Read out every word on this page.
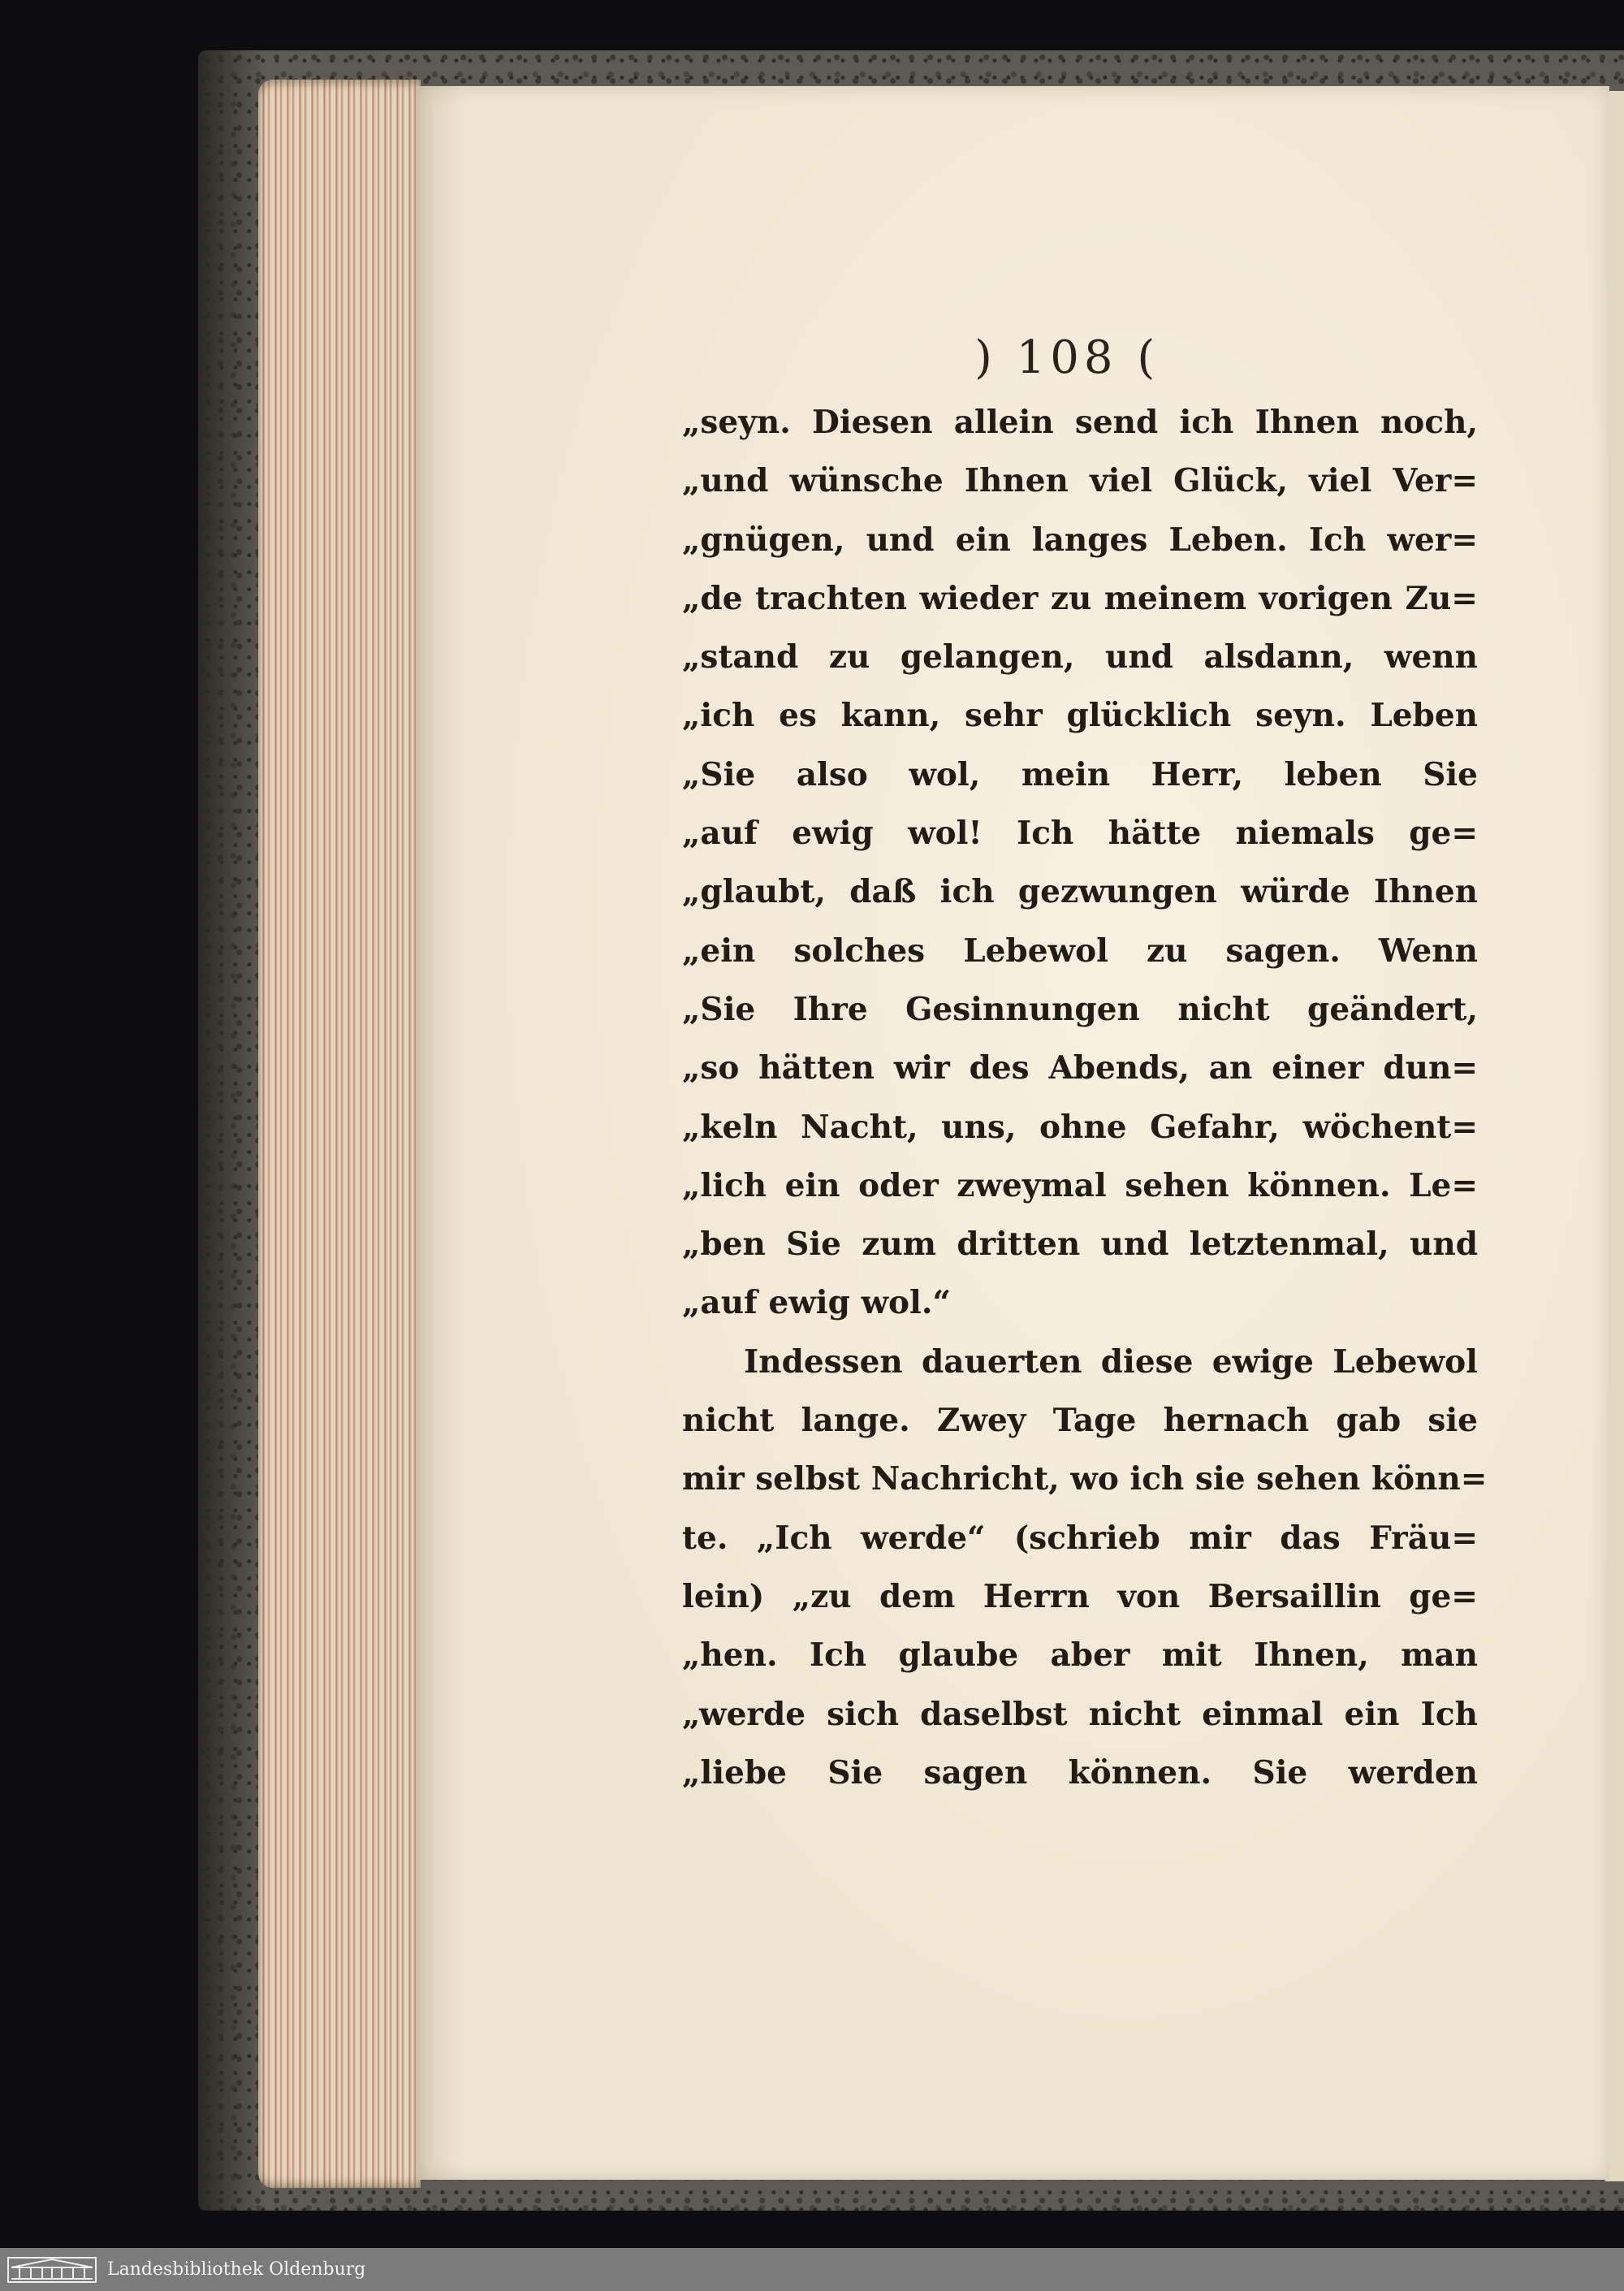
) 108 (
„seyn. Diesen allein send ich Ihnen noch,
„und wünsche Ihnen viel Glück, viel Ver=
„gnügen, und ein langes Leben. Ich wer=
„de trachten wieder zu meinem vorigen Zu=
„stand zu gelangen, und alsdann, wenn
„ich es kann, sehr glücklich seyn. Leben
„Sie also wol, mein Herr, leben Sie
„auf ewig wol! Ich hätte niemals ge=
„glaubt, daß ich gezwungen würde Ihnen
„ein solches Lebewol zu sagen. Wenn
„Sie Ihre Gesinnungen nicht geändert,
„so hätten wir des Abends, an einer dun=
„keln Nacht, uns, ohne Gefahr, wöchent=
„lich ein oder zweymal sehen können. Le=
„ben Sie zum dritten und letztenmal, und
„auf ewig wol.“
Indessen dauerten diese ewige Lebewol
nicht lange. Zwey Tage hernach gab sie
mir selbst Nachricht, wo ich sie sehen könn=
te. „Ich werde“ (schrieb mir das Fräu=
lein) „zu dem Herrn von Bersaillin ge=
„hen. Ich glaube aber mit Ihnen, man
„werde sich daselbst nicht einmal ein Ich
„liebe Sie sagen können. Sie werden
Landesbibliothek Oldenburg
